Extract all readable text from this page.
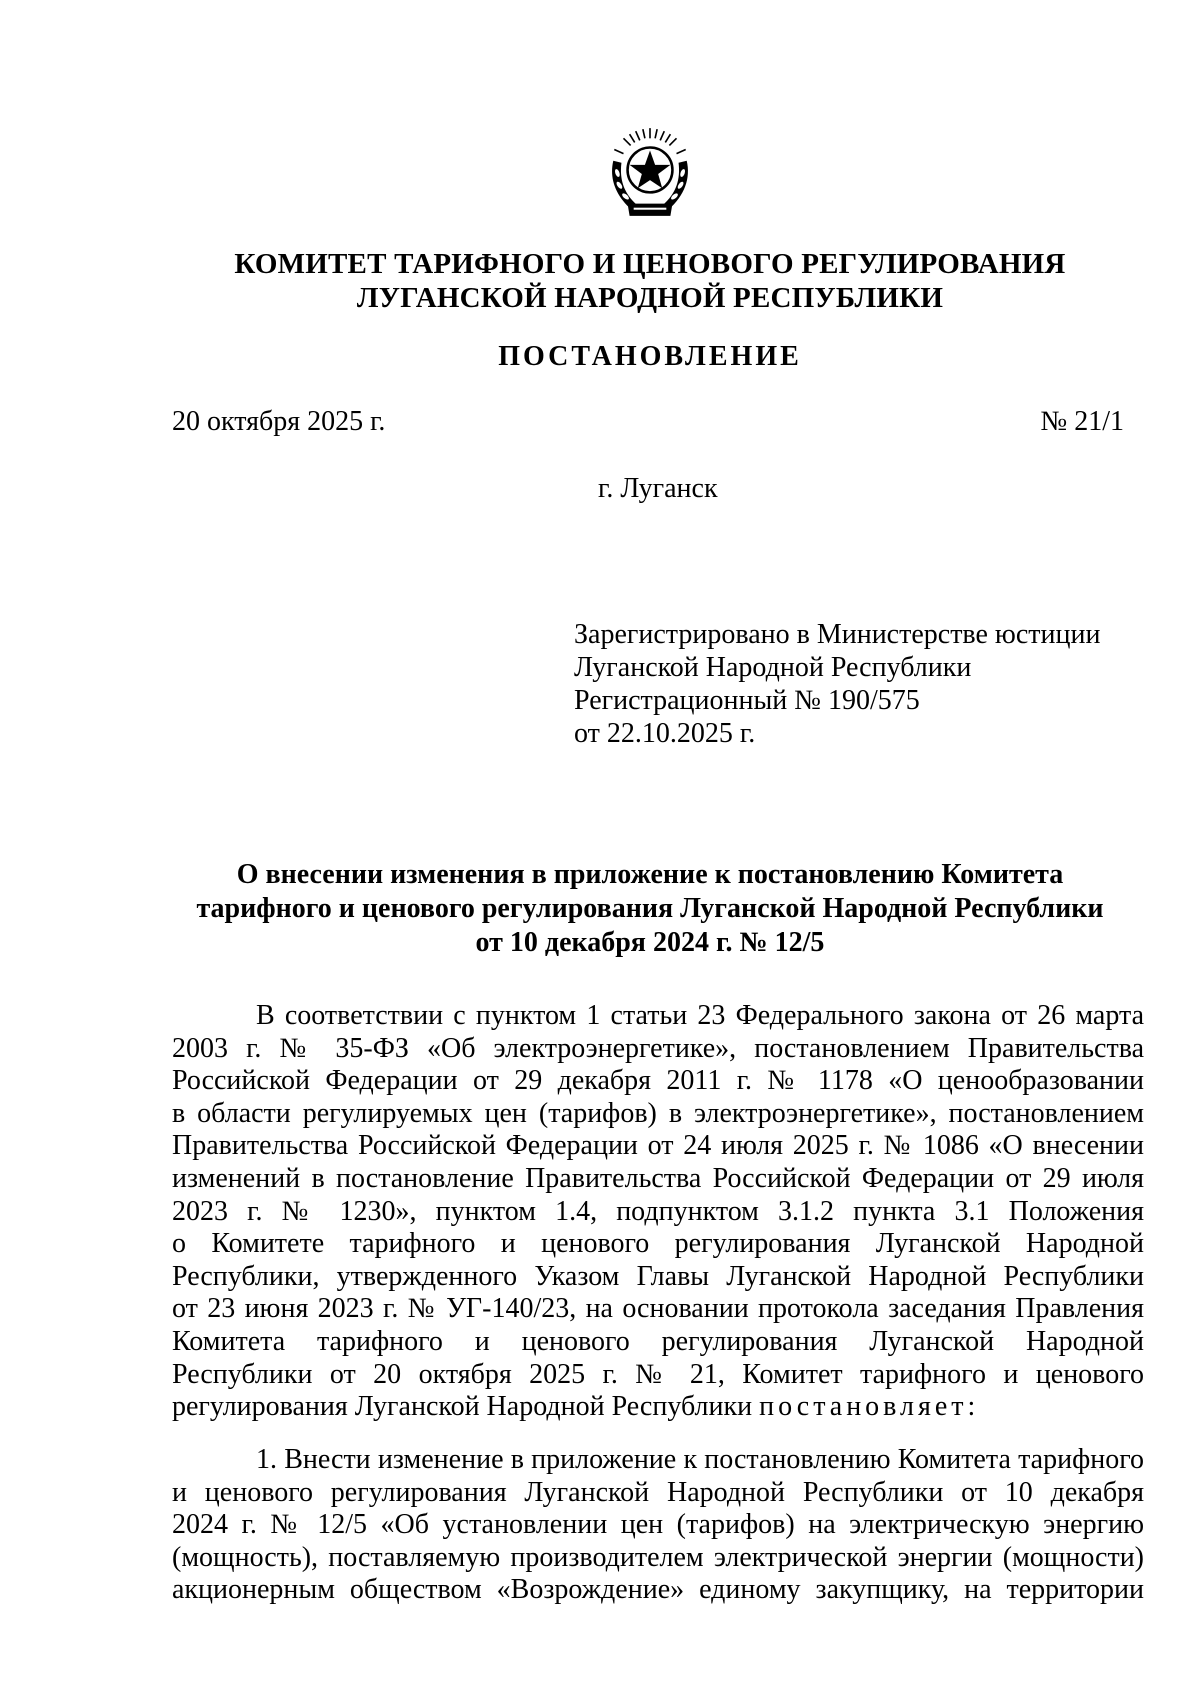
КОМИТЕТ ТАРИФНОГО И ЦЕНОВОГО РЕГУЛИРОВАНИЯ
ЛУГАНСКОЙ НАРОДНОЙ РЕСПУБЛИКИ
ПОСТАНОВЛЕНИЕ
20 октября 2025 г.	№ 21/1
г. Луганск
Зарегистрировано в Министерстве юстиции
Луганской Народной Республики
Регистрационный № 190/575
от 22.10.2025 г.
О внесении изменения в приложение к постановлению Комитета
тарифного и ценового регулирования Луганской Народной Республики
от 10 декабря 2024 г. № 12/5
В соответствии с пунктом 1 статьи 23 Федерального закона от 26 марта
2003 г. № 35-ФЗ «Об электроэнергетике», постановлением Правительства
Российской Федерации от 29 декабря 2011 г. № 1178 «О ценообразовании
в области регулируемых цен (тарифов) в электроэнергетике», постановлением
Правительства Российской Федерации от 24 июля 2025 г. № 1086 «О внесении
изменений в постановление Правительства Российской Федерации от 29 июля
2023 г. № 1230», пунктом 1.4, подпунктом 3.1.2 пункта 3.1 Положения
о Комитете тарифного и ценового регулирования Луганской Народной
Республики, утвержденного Указом Главы Луганской Народной Республики
от 23 июня 2023 г. № УГ-140/23, на основании протокола заседания Правления
Комитета тарифного и ценового регулирования Луганской Народной
Республики от 20 октября 2025 г. № 21, Комитет тарифного и ценового
регулирования Луганской Народной Республики постановляет:
1. Внести изменение в приложение к постановлению Комитета тарифного
и ценового регулирования Луганской Народной Республики от 10 декабря
2024 г. № 12/5 «Об установлении цен (тарифов) на электрическую энергию
(мощность), поставляемую производителем электрической энергии (мощности)
акционерным обществом «Возрождение» единому закупщику, на территории
